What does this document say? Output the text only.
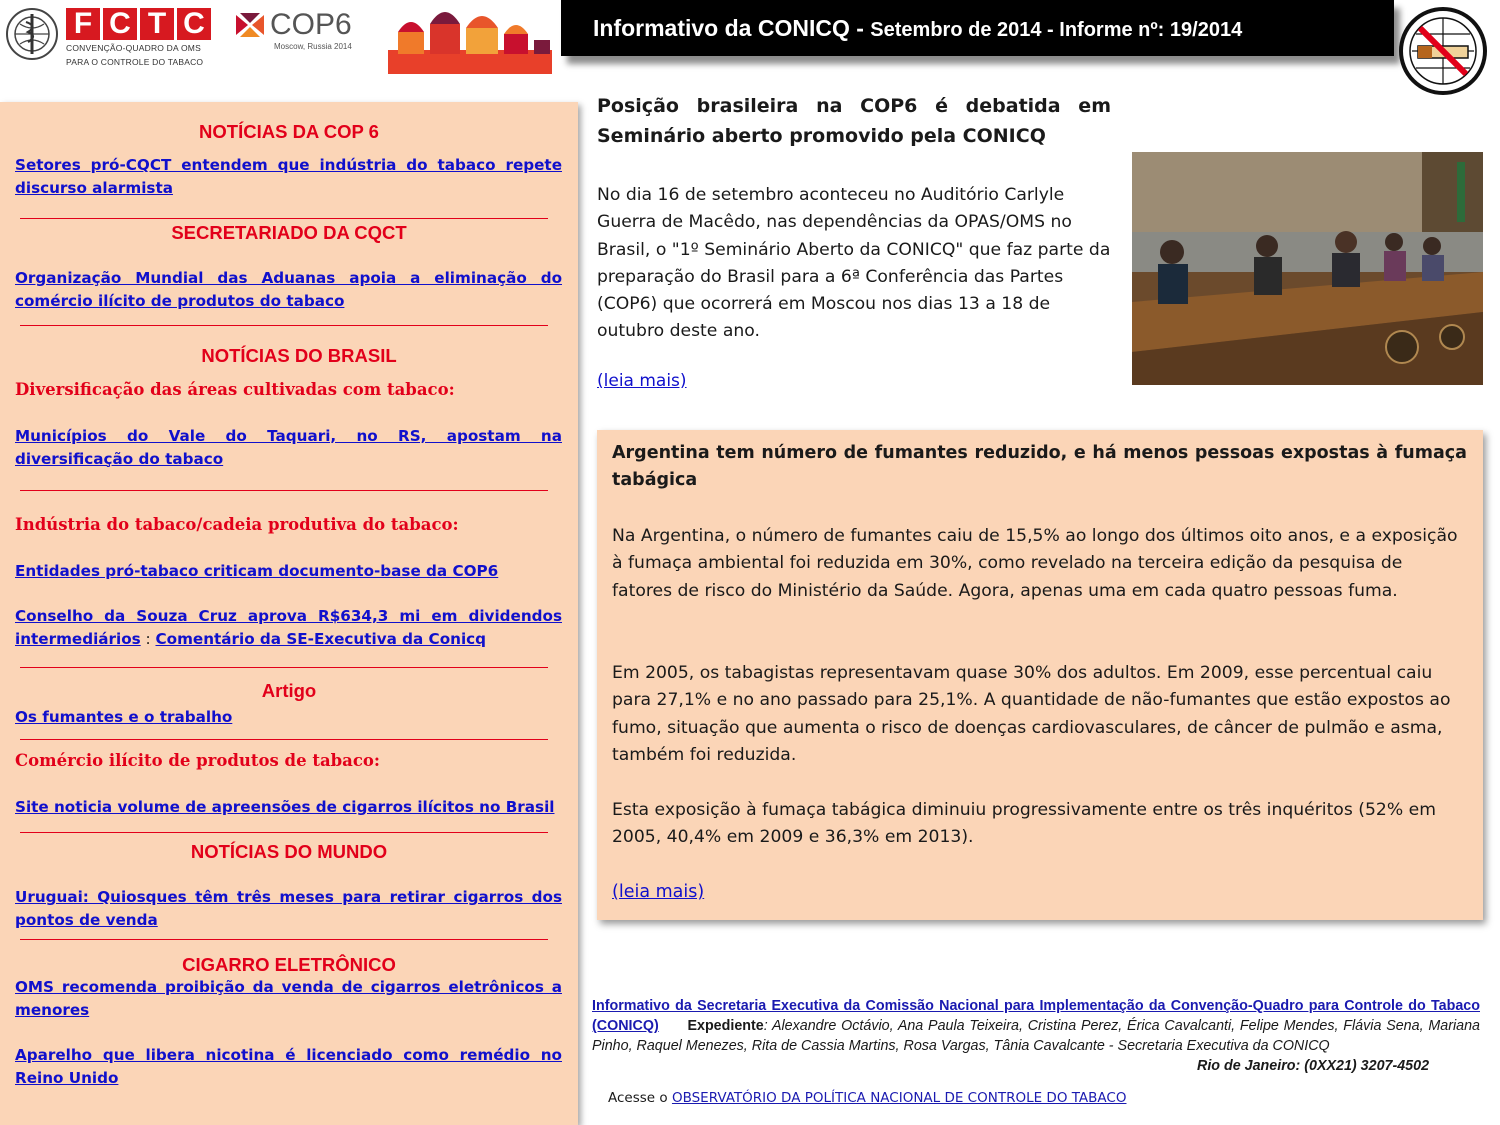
F C T C
CONVENÇÃO-QUADRO DA OMS
PARA O CONTROLE DO TABACO
COP6
Moscow, Russia 2014
Informativo da CONICQ - Setembro de 2014 - Informe nº: 19/2014
NOTÍCIAS DA COP 6
Setores pró-CQCT entendem que indústria do tabaco repete discurso alarmista
SECRETARIADO DA CQCT
Organização Mundial das Aduanas apoia a eliminação do comércio ilícito de produtos do tabaco
NOTÍCIAS DO BRASIL
Diversificação das áreas cultivadas com tabaco:
Municípios do Vale do Taquari, no RS, apostam na diversificação do tabaco
Indústria do tabaco/cadeia produtiva do tabaco:
Entidades pró-tabaco criticam documento-base da COP6
Conselho da Souza Cruz aprova R$634,3 mi em dividendos intermediários : Comentário da SE-Executiva da Conicq
Artigo
Os fumantes e o trabalho
Comércio ilícito de produtos de tabaco:
Site noticia volume de apreensões de cigarros ilícitos no Brasil
NOTÍCIAS DO MUNDO
Uruguai: Quiosques têm três meses para retirar cigarros dos pontos de venda
CIGARRO ELETRÔNICO
OMS recomenda proibição da venda de cigarros eletrônicos a menores
Aparelho que libera nicotina é licenciado como remédio no Reino Unido
Posição brasileira na COP6 é debatida em Seminário aberto promovido pela CONICQ
No dia 16 de setembro aconteceu no Auditório Carlyle Guerra de Macêdo, nas dependências da OPAS/OMS no Brasil, o "1º Seminário Aberto da CONICQ" que faz parte da preparação do Brasil para a 6ª Conferência das Partes (COP6) que ocorrerá em Moscou nos dias 13 a 18 de outubro deste ano.
(leia mais)
Argentina tem número de fumantes reduzido, e há menos pessoas expostas à fumaça tabágica
Na Argentina, o número de fumantes caiu de 15,5% ao longo dos últimos oito anos, e a exposição à fumaça ambiental foi reduzida em 30%, como revelado na terceira edição da pesquisa de fatores de risco do Ministério da Saúde. Agora, apenas uma em cada quatro pessoas fuma.
Em 2005, os tabagistas representavam quase 30% dos adultos. Em 2009, esse percentual caiu para 27,1% e no ano passado para 25,1%. A quantidade de não-fumantes que estão expostos ao fumo, situação que aumenta o risco de doenças cardiovasculares, de câncer de pulmão e asma, também foi reduzida.
Esta exposição à fumaça tabágica diminuiu progressivamente entre os três inquéritos (52% em 2005, 40,4% em 2009 e 36,3% em 2013).
(leia mais)
Informativo da Secretaria Executiva da Comissão Nacional para Implementação da Convenção-Quadro para Controle do Tabaco (CONICQ) Expediente: Alexandre Octávio, Ana Paula Teixeira, Cristina Perez, Érica Cavalcanti, Felipe Mendes, Flávia Sena, Mariana Pinho, Raquel Menezes, Rita de Cassia Martins, Rosa Vargas, Tânia Cavalcante - Secretaria Executiva da CONICQ
Rio de Janeiro: (0XX21) 3207-4502
Acesse o OBSERVATÓRIO DA POLÍTICA NACIONAL DE CONTROLE DO TABACO
